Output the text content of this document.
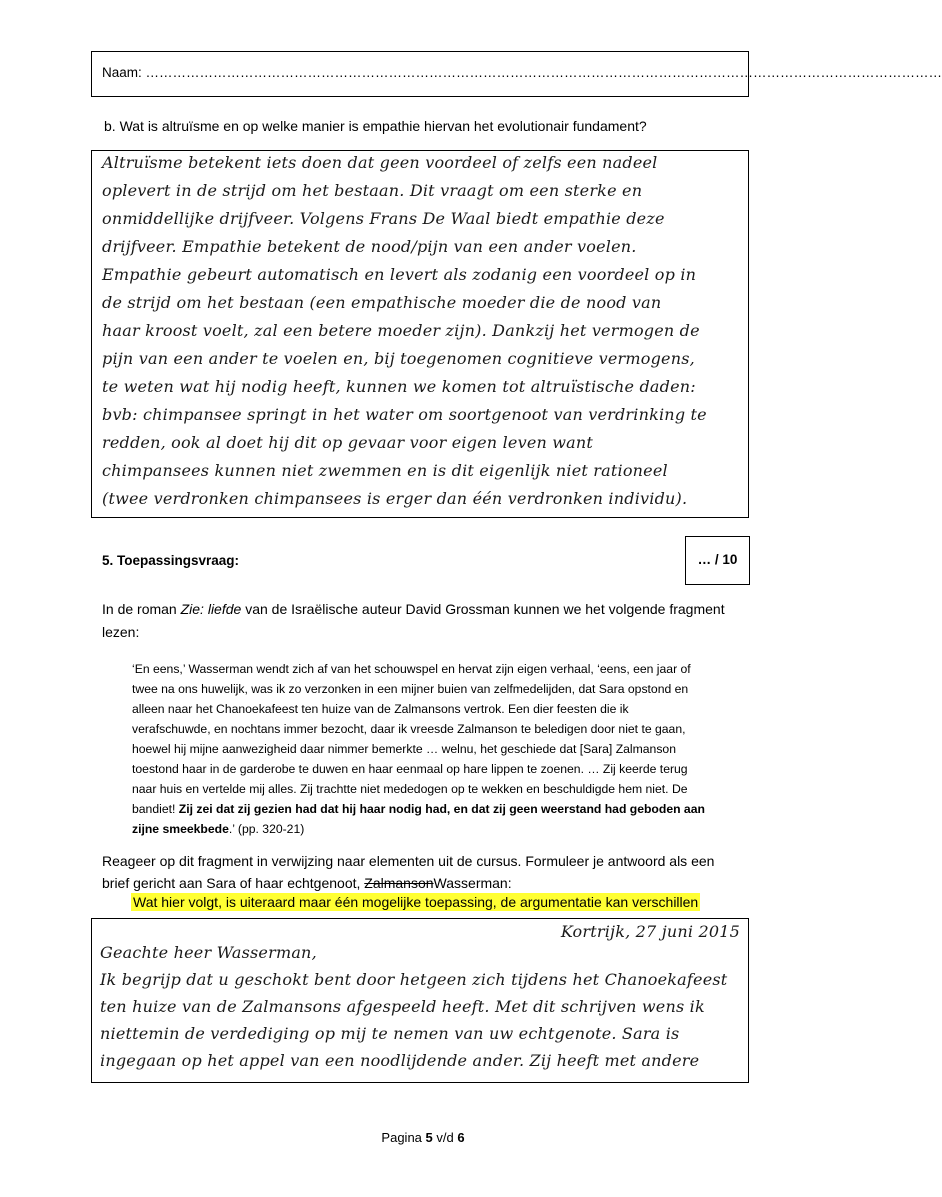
Naam: ……………………………………………………………………………………………………………………………………………………………
b. Wat is altruïsme en op welke manier is empathie hiervan het evolutionair fundament?
Altruïsme betekent iets doen dat geen voordeel of zelfs een nadeel
oplevert in de strijd om het bestaan. Dit vraagt om een sterke en
onmiddellijke drijfveer. Volgens Frans De Waal biedt empathie deze
drijfveer. Empathie betekent de nood/pijn van een ander voelen.
Empathie gebeurt automatisch en levert als zodanig een voordeel op in
de strijd om het bestaan (een empathische moeder die de nood van
haar kroost voelt, zal een betere moeder zijn). Dankzij het vermogen de
pijn van een ander te voelen en, bij toegenomen cognitieve vermogens,
te weten wat hij nodig heeft, kunnen we komen tot altruïstische daden:
bvb: chimpansee springt in het water om soortgenoot van verdrinking te
redden, ook al doet hij dit op gevaar voor eigen leven want
chimpansees kunnen niet zwemmen en is dit eigenlijk niet rationeel
(twee verdronken chimpansees is erger dan één verdronken individu).
5. Toepassingsvraag:	… / 10
In de roman Zie: liefde van de Israëlische auteur David Grossman kunnen we het volgende fragment
lezen:
‘En eens,’ Wasserman wendt zich af van het schouwspel en hervat zijn eigen verhaal, ‘eens, een jaar of
twee na ons huwelijk, was ik zo verzonken in een mijner buien van zelfmedelijden, dat Sara opstond en
alleen naar het Chanoekafeest ten huize van de Zalmansons vertrok. Een dier feesten die ik
verafschuwde, en nochtans immer bezocht, daar ik vreesde Zalmanson te beledigen door niet te gaan,
hoewel hij mijne aanwezigheid daar nimmer bemerkte … welnu, het geschiede dat [Sara] Zalmanson
toestond haar in de garderobe te duwen en haar eenmaal op hare lippen te zoenen. … Zij keerde terug
naar huis en vertelde mij alles. Zij trachtte niet mededogen op te wekken en beschuldigde hem niet. De
bandiet! Zij zei dat zij gezien had dat hij haar nodig had, en dat zij geen weerstand had geboden aan
zijne smeekbede.’ (pp. 320-21)
Reageer op dit fragment in verwijzing naar elementen uit de cursus. Formuleer je antwoord als een
brief gericht aan Sara of haar echtgenoot, ZalmansonWasserman:
Wat hier volgt, is uiteraard maar één mogelijke toepassing, de argumentatie kan verschillen
Kortrijk, 27 juni 2015
Geachte heer Wasserman,
Ik begrijp dat u geschokt bent door hetgeen zich tijdens het Chanoekafeest
ten huize van de Zalmansons afgespeeld heeft. Met dit schrijven wens ik
niettemin de verdediging op mij te nemen van uw echtgenote. Sara is
ingegaan op het appel van een noodlijdende ander. Zij heeft met andere
Pagina 5 v/d 6
